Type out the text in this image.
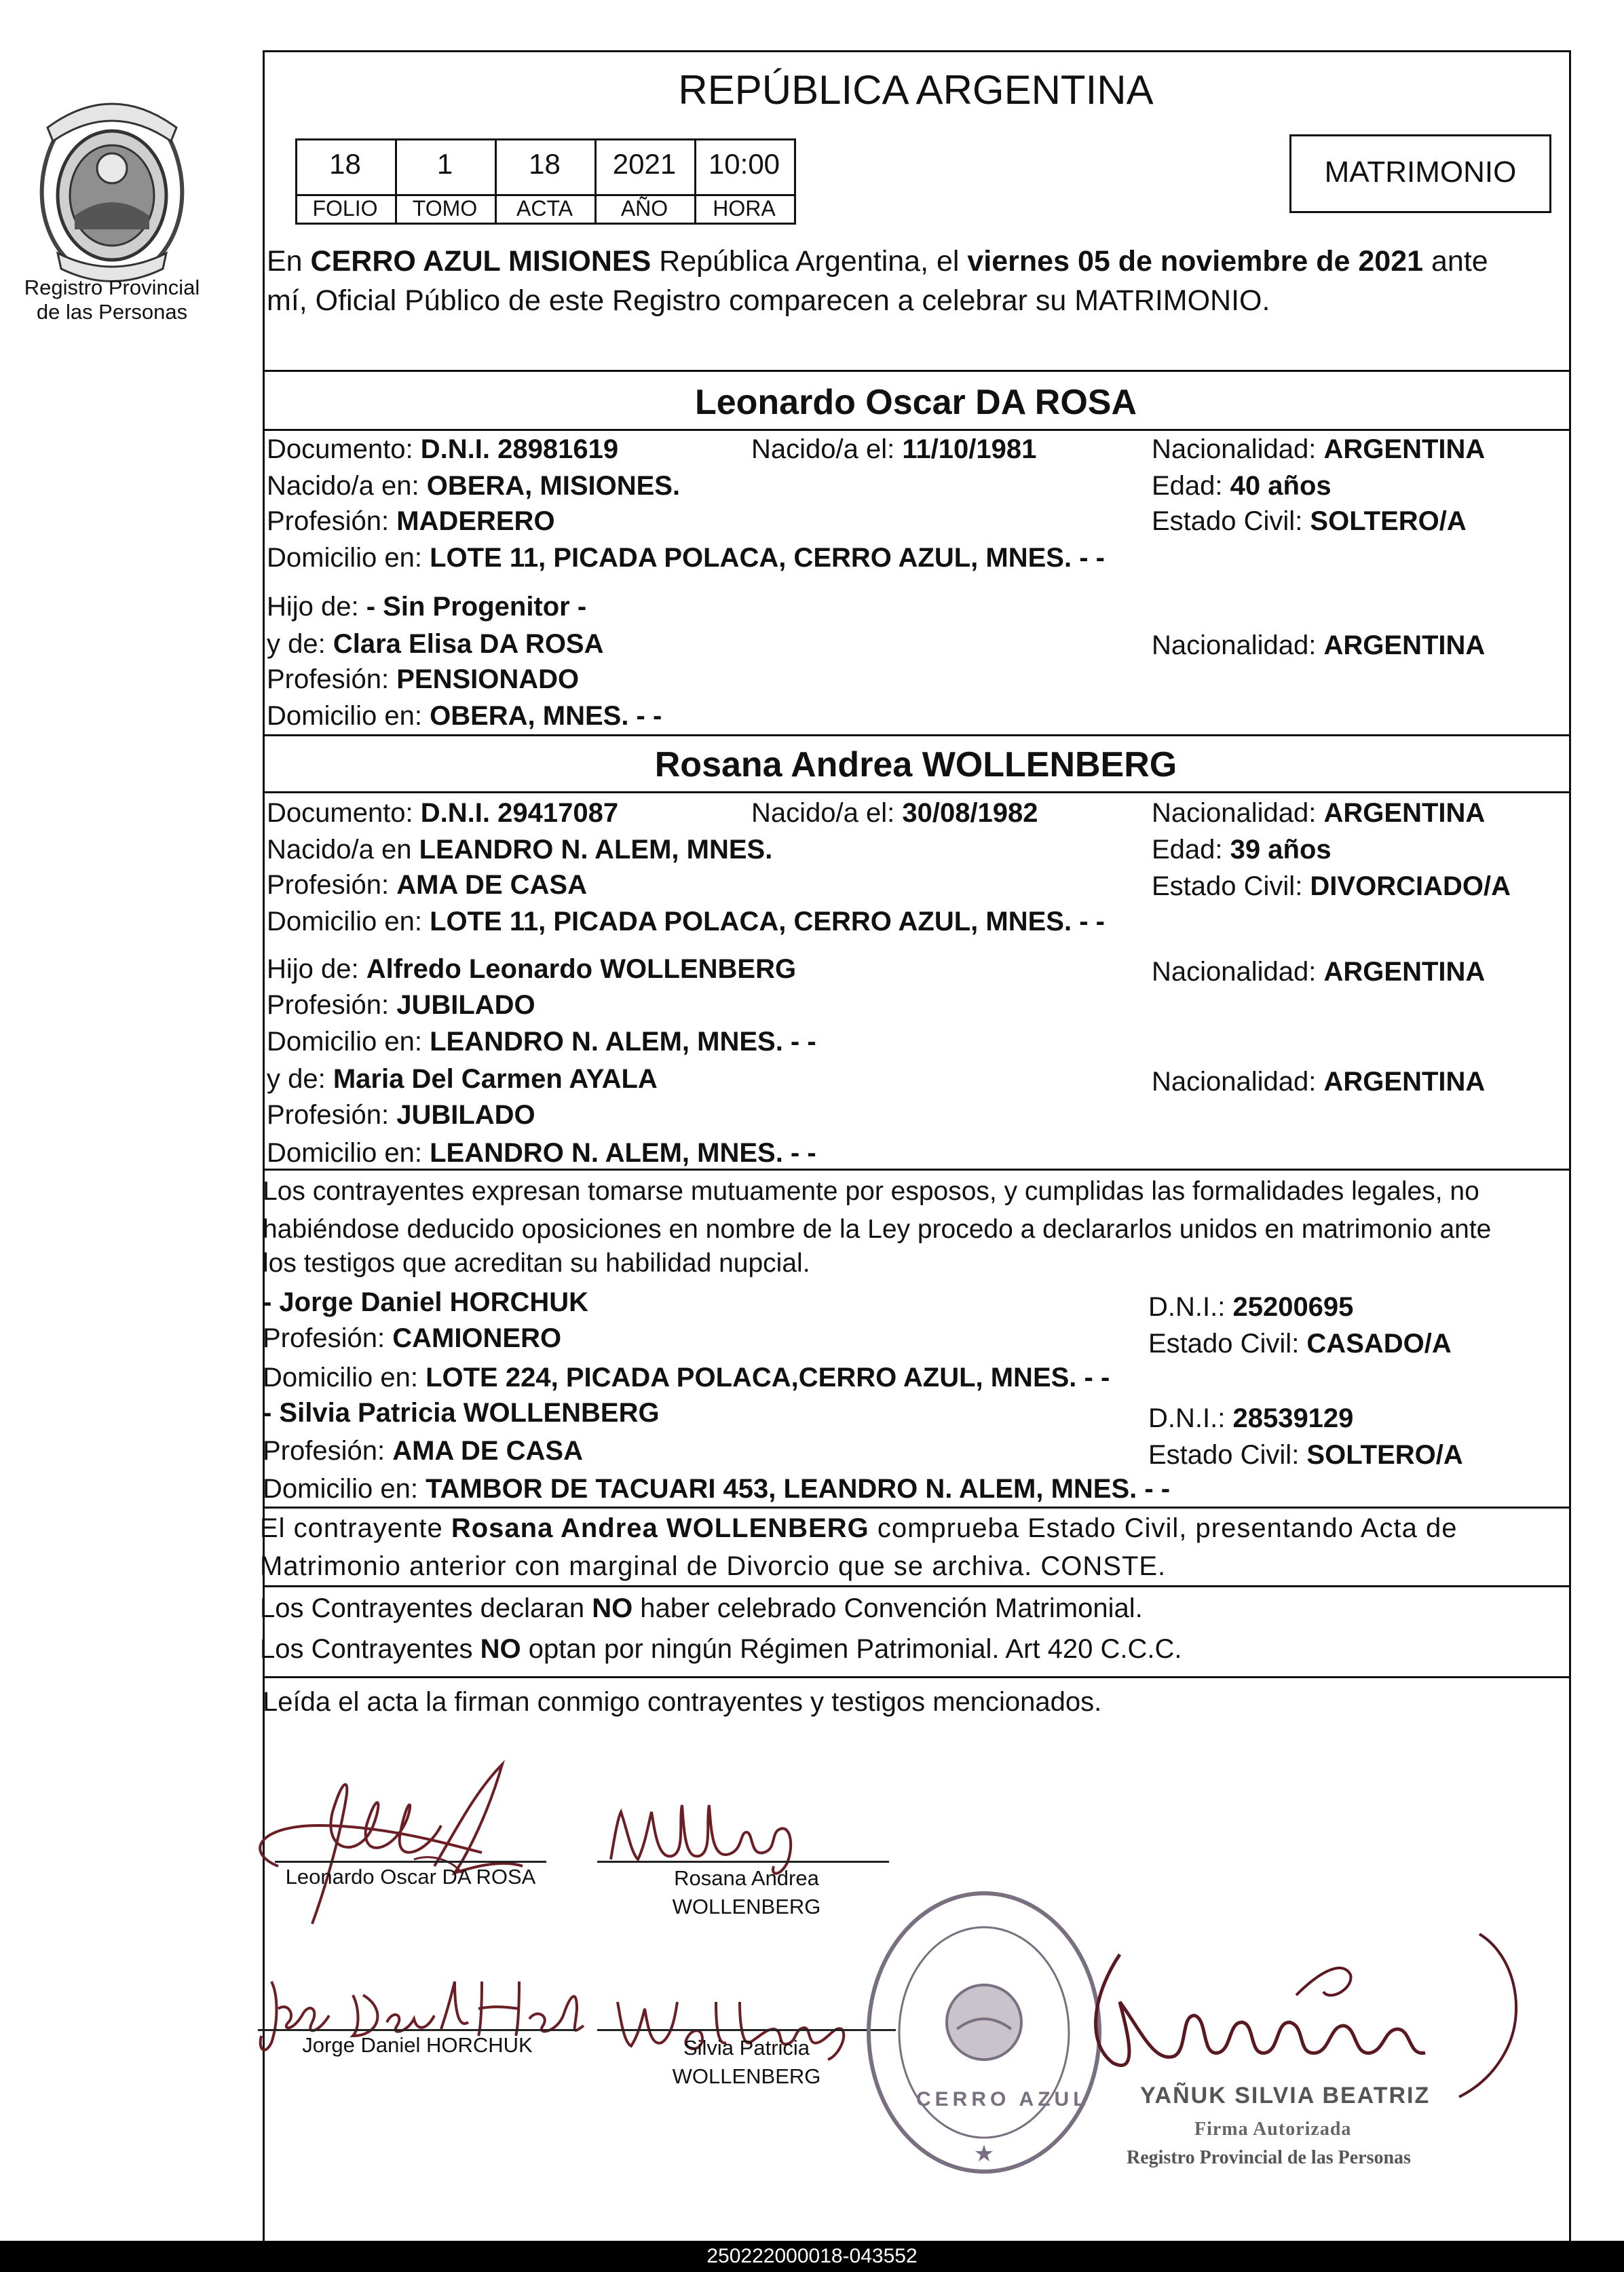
Registro Provincial
de las Personas
REPÚBLICA ARGENTINA
18	1	18	2021	10:00
FOLIO	TOMO	ACTA	AÑO	HORA
MATRIMONIO
En CERRO AZUL MISIONES República Argentina, el viernes 05 de noviembre de 2021 ante
mí, Oficial Público de este Registro comparecen a celebrar su MATRIMONIO.
Leonardo Oscar DA ROSA
Documento: D.N.I. 28981619	Nacido/a el: 11/10/1981	Nacionalidad: ARGENTINA
Nacido/a en: OBERA, MISIONES.	Edad: 40 años
Profesión: MADERERO	Estado Civil: SOLTERO/A
Domicilio en: LOTE 11, PICADA POLACA, CERRO AZUL, MNES. - -
Hijo de: - Sin Progenitor -
y de: Clara Elisa DA ROSA	Nacionalidad: ARGENTINA
Profesión: PENSIONADO
Domicilio en: OBERA, MNES. - -
Rosana Andrea WOLLENBERG
Documento: D.N.I. 29417087	Nacido/a el: 30/08/1982	Nacionalidad: ARGENTINA
Nacido/a en LEANDRO N. ALEM, MNES.	Edad: 39 años
Profesión: AMA DE CASA	Estado Civil: DIVORCIADO/A
Domicilio en: LOTE 11, PICADA POLACA, CERRO AZUL, MNES. - -
Hijo de: Alfredo Leonardo WOLLENBERG	Nacionalidad: ARGENTINA
Profesión: JUBILADO
Domicilio en: LEANDRO N. ALEM, MNES. - -
y de: Maria Del Carmen AYALA	Nacionalidad: ARGENTINA
Profesión: JUBILADO
Domicilio en: LEANDRO N. ALEM, MNES. - -
Los contrayentes expresan tomarse mutuamente por esposos, y cumplidas las formalidades legales, no
habiéndose deducido oposiciones en nombre de la Ley procedo a declararlos unidos en matrimonio ante
los testigos que acreditan su habilidad nupcial.
- Jorge Daniel HORCHUK	D.N.I.: 25200695
Profesión: CAMIONERO	Estado Civil: CASADO/A
Domicilio en: LOTE 224, PICADA POLACA,CERRO AZUL, MNES. - -
- Silvia Patricia WOLLENBERG	D.N.I.: 28539129
Profesión: AMA DE CASA	Estado Civil: SOLTERO/A
Domicilio en: TAMBOR DE TACUARI 453, LEANDRO N. ALEM, MNES. - -
El contrayente Rosana Andrea WOLLENBERG comprueba Estado Civil, presentando Acta de
Matrimonio anterior con marginal de Divorcio que se archiva. CONSTE.
Los Contrayentes declaran NO haber celebrado Convención Matrimonial.
Los Contrayentes NO optan por ningún Régimen Patrimonial. Art 420 C.C.C.
Leída el acta la firman conmigo contrayentes y testigos mencionados.
Leonardo Oscar DA ROSA	Rosana Andrea
WOLLENBERG
Jorge Daniel HORCHUK	Silvia Patricia
WOLLENBERG
★
CERRO AZUL YAÑUK SILVIA BEATRIZ
Firma Autorizada
Registro Provincial de las Personas
250222000018-043552
